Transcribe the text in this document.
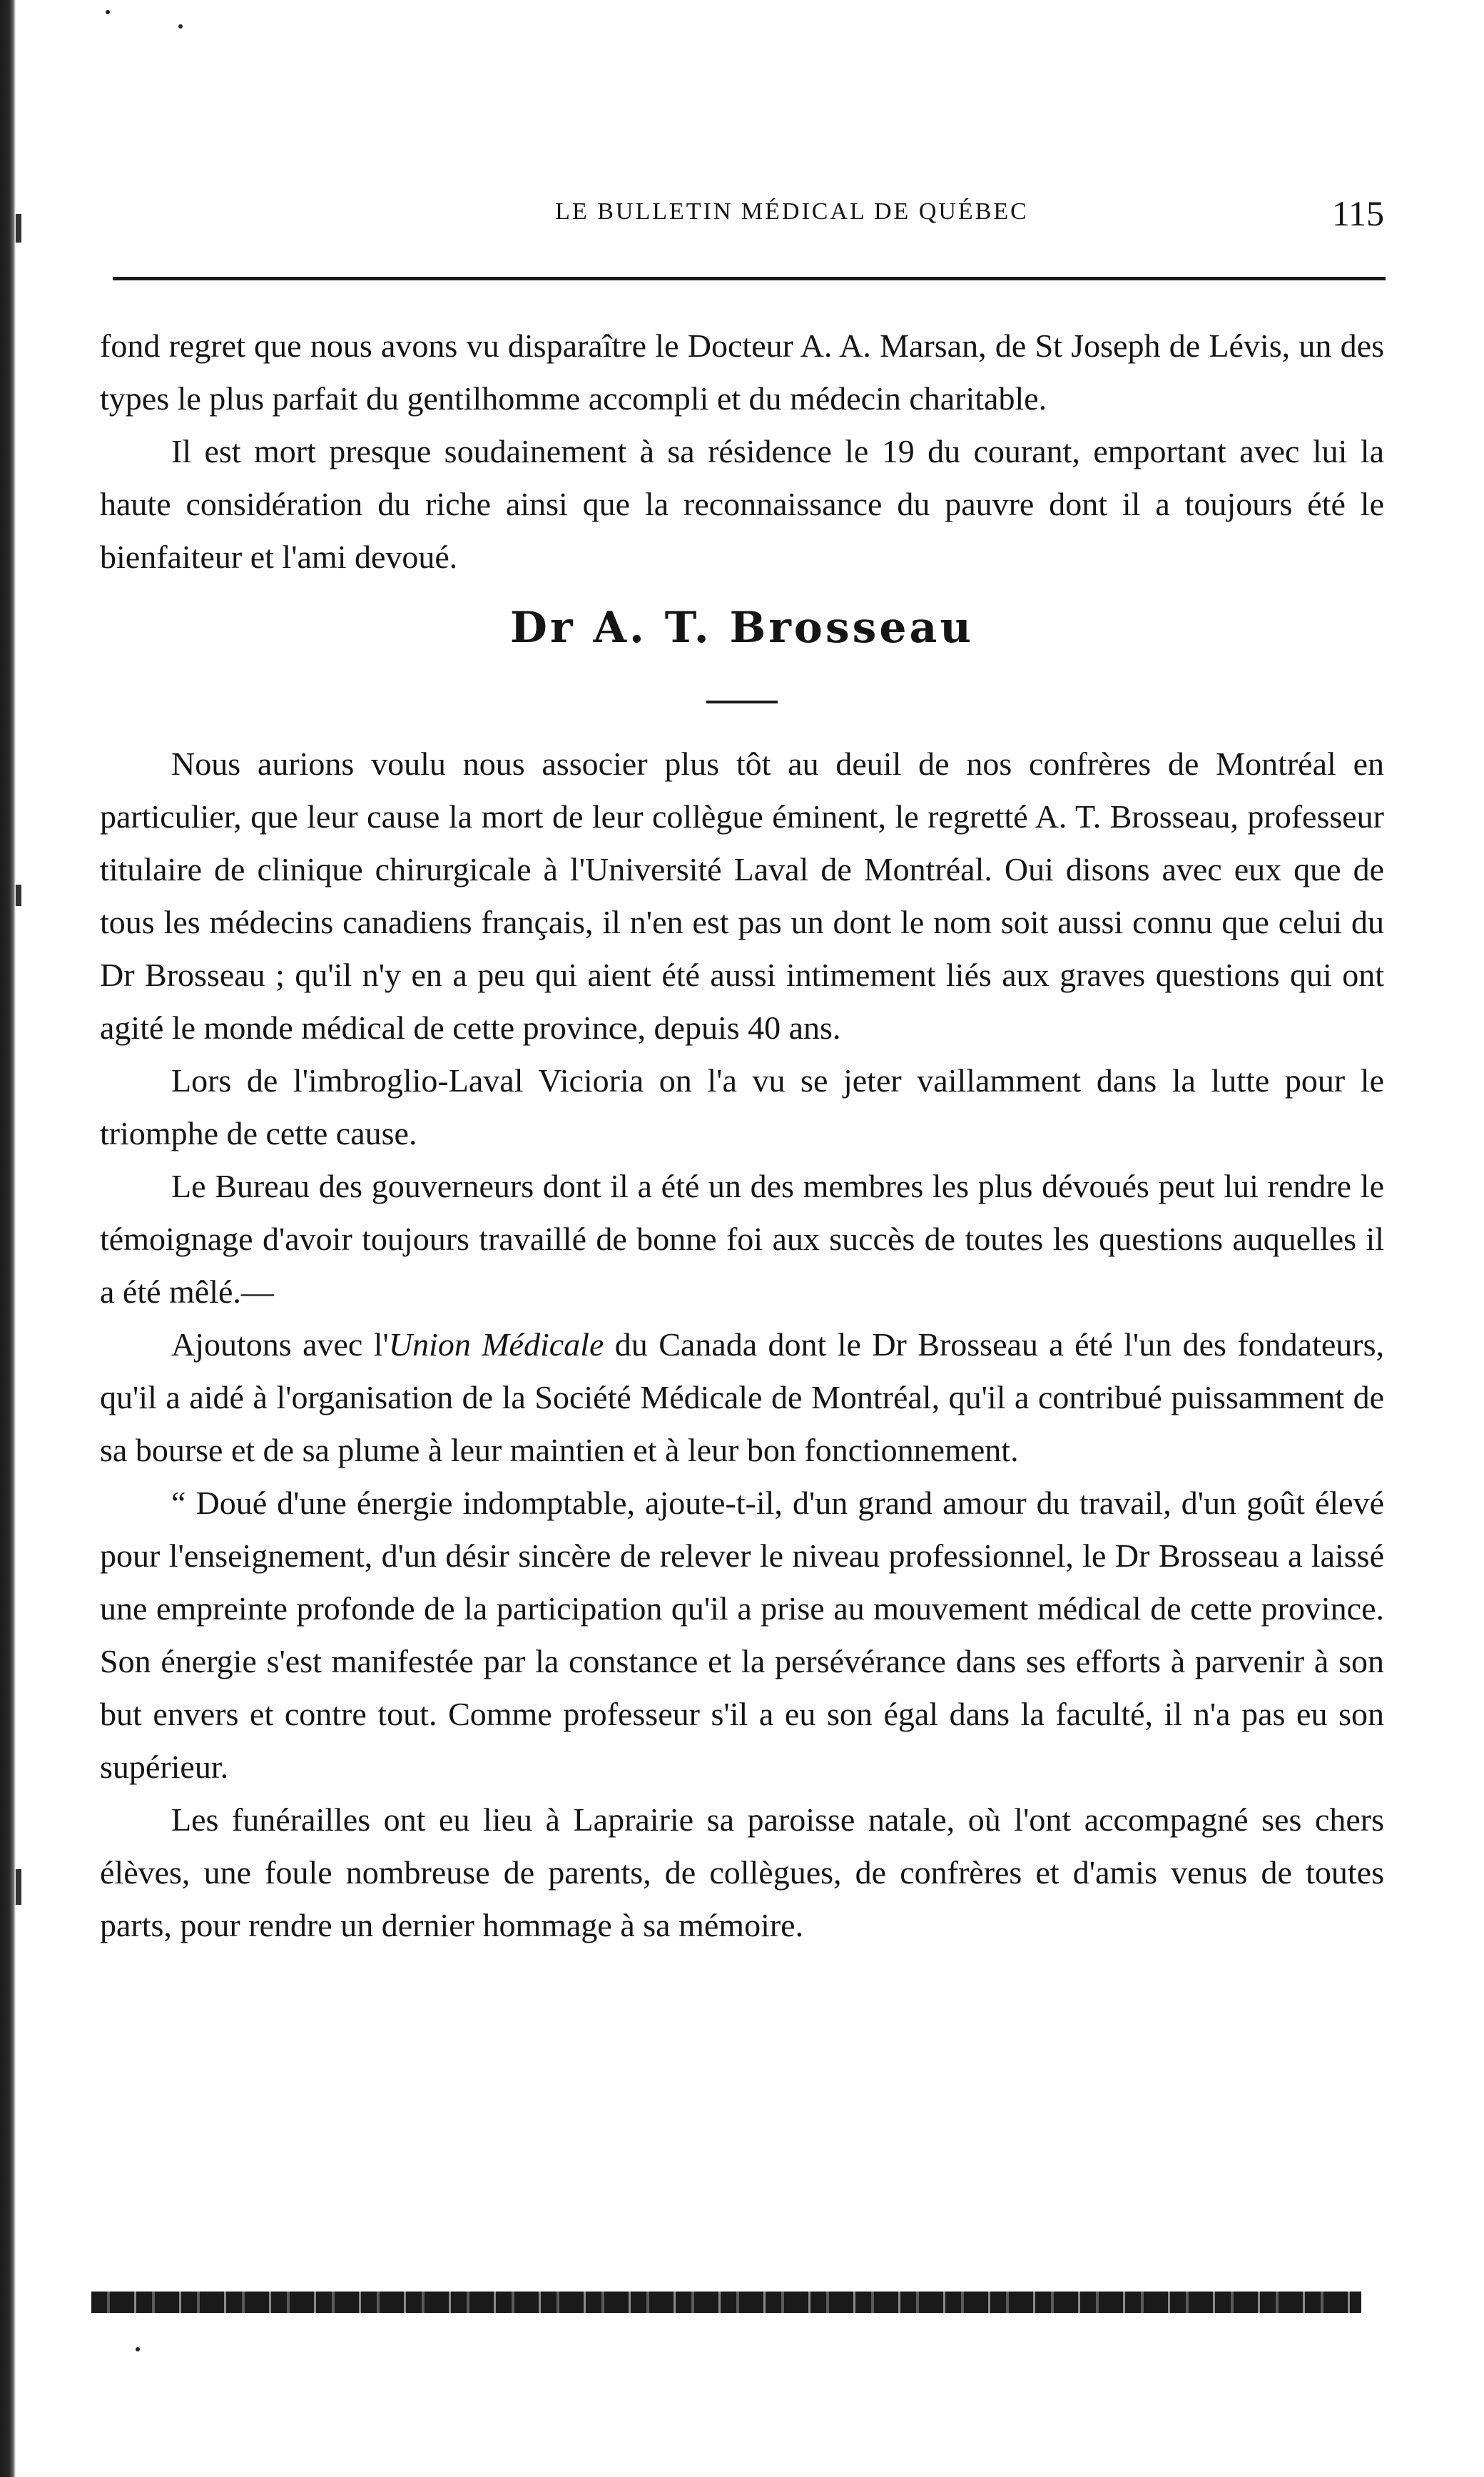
LE BULLETIN MÉDICAL DE QUÉBEC	115

fond regret que nous avons vu disparaître le Docteur A. A. Marsan, de St Joseph de Lévis, un des types le plus parfait du gentilhomme accompli et du médecin charitable.

Il est mort presque soudainement à sa résidence le 19 du courant, emportant avec lui la haute considération du riche ainsi que la reconnaissance du pauvre dont il a toujours été le bienfaiteur et l'ami devoué.

Dr A. T. Brosseau

Nous aurions voulu nous associer plus tôt au deuil de nos confrères de Montréal en particulier, que leur cause la mort de leur collègue éminent, le regretté A. T. Brosseau, professeur titulaire de clinique chirurgicale à l'Université Laval de Montréal. Oui disons avec eux que de tous les médecins canadiens français, il n'en est pas un dont le nom soit aussi connu que celui du Dr Brosseau ; qu'il n'y en a peu qui aient été aussi intimement liés aux graves questions qui ont agité le monde médical de cette province, depuis 40 ans.

Lors de l'imbroglio-Laval Vicioria on l'a vu se jeter vaillamment dans la lutte pour le triomphe de cette cause.

Le Bureau des gouverneurs dont il a été un des membres les plus dévoués peut lui rendre le témoignage d'avoir toujours travaillé de bonne foi aux succès de toutes les questions auquelles il a été mêlé.—

Ajoutons avec l'Union Médicale du Canada dont le Dr Brosseau a été l'un des fondateurs, qu'il a aidé à l'organisation de la Société Médicale de Montréal, qu'il a contribué puissamment de sa bourse et de sa plume à leur maintien et à leur bon fonctionnement.

“ Doué d'une énergie indomptable, ajoute-t-il, d'un grand amour du travail, d'un goût élevé pour l'enseignement, d'un désir sincère de relever le niveau professionnel, le Dr Brosseau a laissé une empreinte profonde de la participation qu'il a prise au mouvement médical de cette province. Son énergie s'est manifestée par la constance et la persévérance dans ses efforts à parvenir à son but envers et contre tout. Comme professeur s'il a eu son égal dans la faculté, il n'a pas eu son supérieur.

Les funérailles ont eu lieu à Laprairie sa paroisse natale, où l'ont accompagné ses chers élèves, une foule nombreuse de parents, de collègues, de confrères et d'amis venus de toutes parts, pour rendre un dernier hommage à sa mémoire.
